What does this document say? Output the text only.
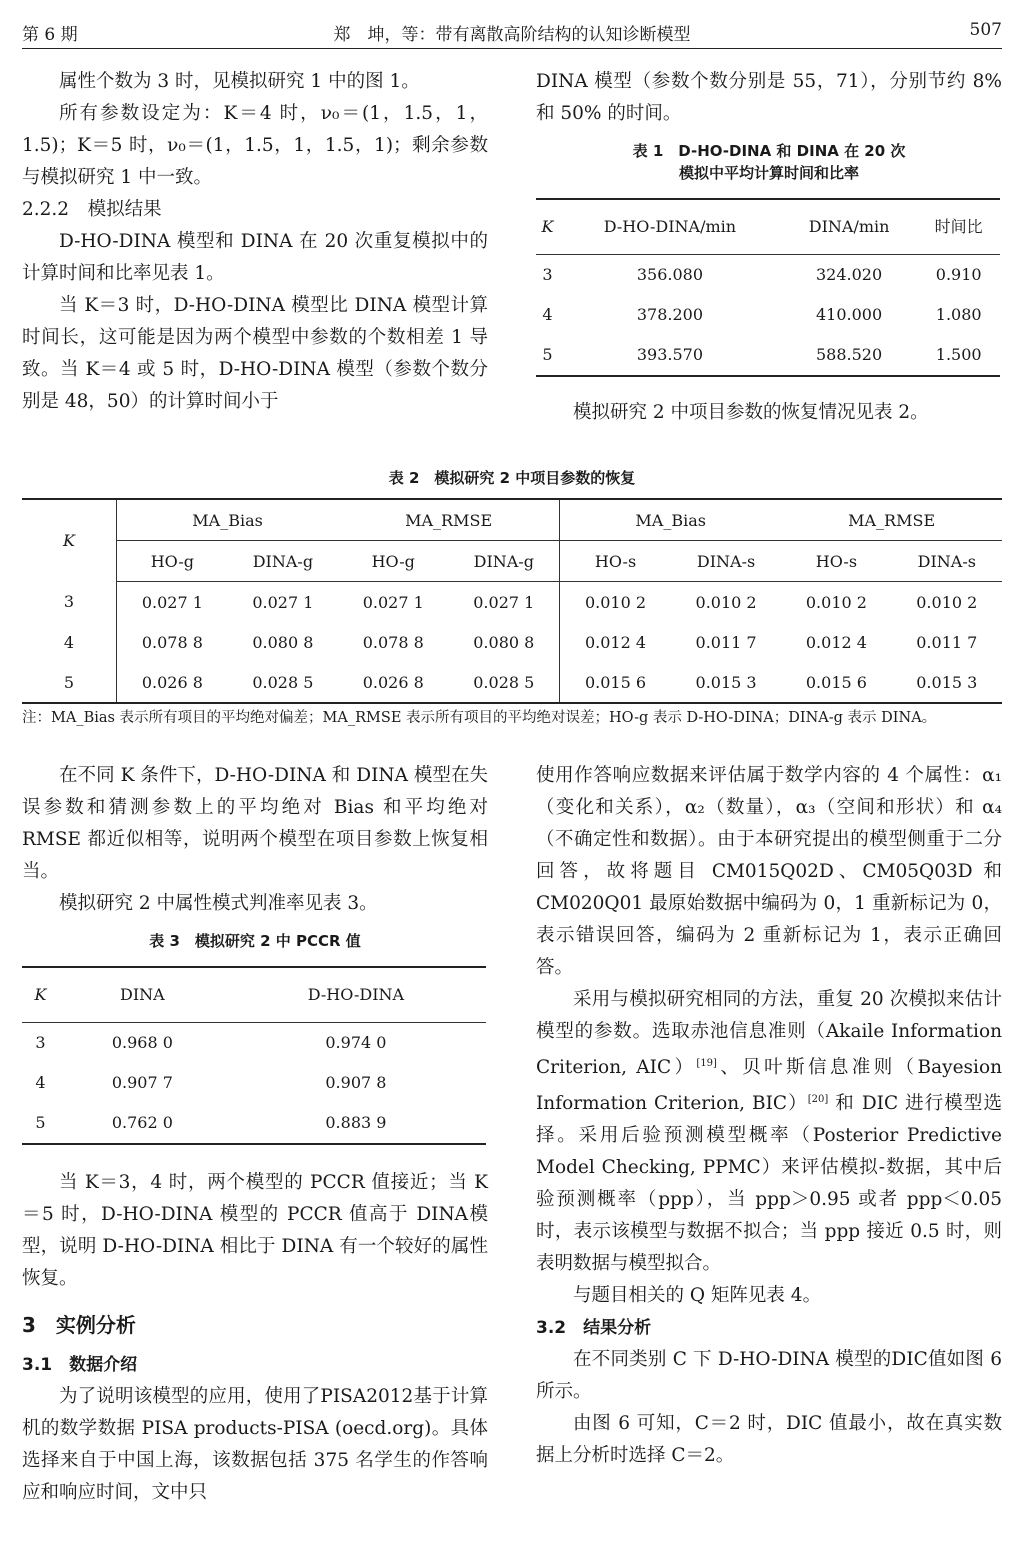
第 6 期	郑　坤，等：带有离散高阶结构的认知诊断模型	507

属性个数为 3 时，见模拟研究 1 中的图 1。

所有参数设定为：K＝4 时，ν₀＝(1，1.5，1，1.5)；K＝5 时，ν₀＝(1，1.5，1，1.5，1)；剩余参数与模拟研究 1 中一致。

2.2.2　模拟结果

D-HO-DINA 模型和 DINA 在 20 次重复模拟中的计算时间和比率见表 1。

当 K＝3 时，D-HO-DINA 模型比 DINA 模型计算时间长，这可能是因为两个模型中参数的个数相差 1 导致。当 K＝4 或 5 时，D-HO-DINA 模型（参数个数分别是 48，50）的计算时间小于

DINA 模型（参数个数分别是 55，71），分别节约 8% 和 50% 的时间。

表 1　D-HO-DINA 和 DINA 在 20 次
模拟中平均计算时间和比率
K	D-HO-DINA/min	DINA/min	时间比
3	356.080	324.020	0.910
4	378.200	410.000	1.080
5	393.570	588.520	1.500

模拟研究 2 中项目参数的恢复情况见表 2。

表 2　模拟研究 2 中项目参数的恢复
K	MA_Bias		MA_RMSE		MA_Bias		MA_RMSE	
	HO-g	DINA-g	HO-g	DINA-g	HO-s	DINA-s	HO-s	DINA-s
3	0.027 1	0.027 1	0.027 1	0.027 1	0.010 2	0.010 2	0.010 2	0.010 2
4	0.078 8	0.080 8	0.078 8	0.080 8	0.012 4	0.011 7	0.012 4	0.011 7
5	0.026 8	0.028 5	0.026 8	0.028 5	0.015 6	0.015 3	0.015 6	0.015 3
注：MA_Bias 表示所有项目的平均绝对偏差；MA_RMSE 表示所有项目的平均绝对误差；HO-g 表示 D-HO-DINA；DINA-g 表示 DINA。

在不同 K 条件下，D-HO-DINA 和 DINA 模型在失误参数和猜测参数上的平均绝对 Bias 和平均绝对 RMSE 都近似相等，说明两个模型在项目参数上恢复相当。

模拟研究 2 中属性模式判准率见表 3。

表 3　模拟研究 2 中 PCCR 值
K	DINA	D-HO-DINA
3	0.968 0	0.974 0
4	0.907 7	0.907 8
5	0.762 0	0.883 9

当 K＝3，4 时，两个模型的 PCCR 值接近；当 K＝5 时，D-HO-DINA 模型的 PCCR 值高于 DINA模型，说明 D-HO-DINA 相比于 DINA 有一个较好的属性恢复。

3　实例分析

3.1　数据介绍

为了说明该模型的应用，使用了PISA2012基于计算机的数学数据 PISA products-PISA (oecd.org)。具体选择来自于中国上海，该数据包括 375 名学生的作答响应和响应时间，文中只

使用作答响应数据来评估属于数学内容的 4 个属性：α₁（变化和关系），α₂（数量），α₃（空间和形状）和 α₄（不确定性和数据）。由于本研究提出的模型侧重于二分回答，故将题目 CM015Q02D、CM05Q03D 和 CM020Q01 最原始数据中编码为 0，1 重新标记为 0，表示错误回答，编码为 2 重新标记为 1，表示正确回答。

采用与模拟研究相同的方法，重复 20 次模拟来估计模型的参数。选取赤池信息准则（Akaile Information Criterion, AIC）[19]、贝叶斯信息准则（Bayesion Information Criterion, BIC）[20] 和 DIC 进行模型选择。采用后验预测模型概率（Posterior Predictive Model Checking, PPMC）来评估模拟-数据，其中后验预测概率（ppp），当 ppp＞0.95 或者 ppp＜0.05 时，表示该模型与数据不拟合；当 ppp 接近 0.5 时，则表明数据与模型拟合。

与题目相关的 Q 矩阵见表 4。

3.2　结果分析

在不同类别 C 下 D-HO-DINA 模型的DIC值如图 6 所示。

由图 6 可知，C＝2 时，DIC 值最小，故在真实数据上分析时选择 C＝2。
